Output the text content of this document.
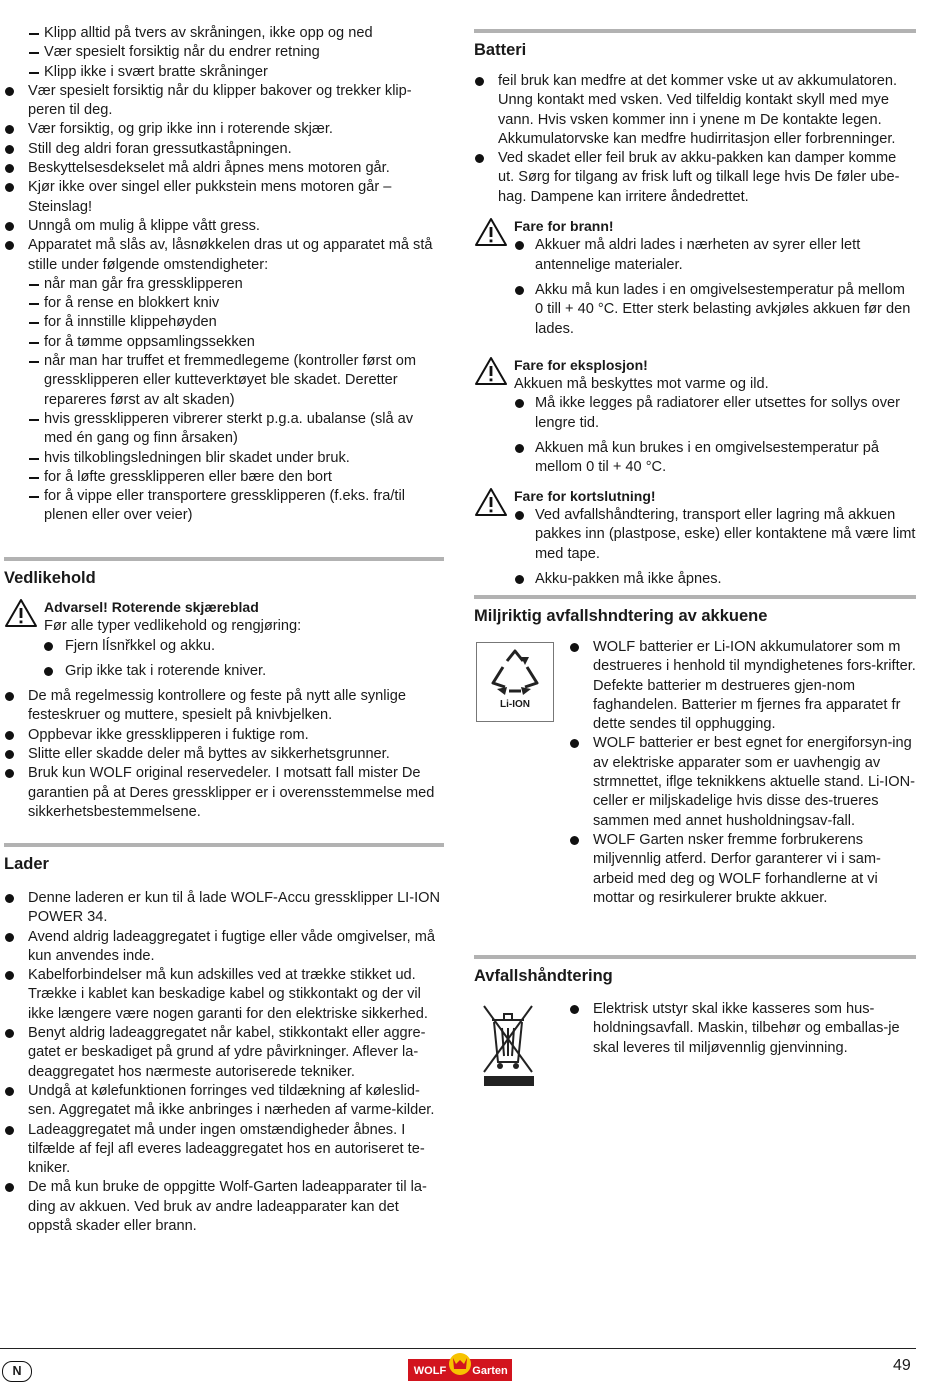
Klipp alltid på tvers av skråningen, ikke opp og ned
Vær spesielt forsiktig når du endrer retning
Klipp ikke i svært bratte skråninger
Vær spesielt forsiktig når du klipper bakover og trekker klip-peren til deg.
Vær forsiktig, og grip ikke inn i roterende skjær.
Still deg aldri foran gressutkaståpningen.
Beskyttelsesdekselet må aldri åpnes mens motoren går.
Kjør ikke over singel eller pukkstein mens motoren går – Steinslag!
Unngå om mulig å klippe vått gress.
Apparatet må slås av, låsnøkkelen dras ut og apparatet må stå stille under følgende omstendigheter:
når man går fra gressklipperen
for å rense en blokkert kniv
for å innstille klippehøyden
for å tømme oppsamlingssekken
når man har truffet et fremmedlegeme (kontroller først om gressklipperen eller kutteverktøyet ble skadet. Deretter repareres først av alt skaden)
hvis gressklipperen vibrerer sterkt p.g.a. ubalanse (slå av med én gang og finn årsaken)
hvis tilkoblingsledningen blir skadet under bruk.
for å løfte gressklipperen eller bære den bort
for å vippe eller transportere gressklipperen (f.eks. fra/til plenen eller over veier)
Vedlikehold
Advarsel! Roterende skjæreblad
Før alle typer vedlikehold og rengjøring:
Fjern lÍsnřkkel og akku.
Grip ikke tak i roterende kniver.
De må regelmessig kontrollere og feste på nytt alle synlige festeskruer og muttere, spesielt på knivbjelken.
Oppbevar ikke gressklipperen i fuktige rom.
Slitte eller skadde deler må byttes av sikkerhetsgrunner.
Bruk kun WOLF original reservedeler. I motsatt fall mister De garantien på at Deres gressklipper er i overensstemmelse med sikkerhetsbestemmelsene.
Lader
Denne laderen er kun til å lade WOLF-Accu gressklipper LI-ION POWER 34.
Avend aldrig ladeaggregatet i fugtige eller våde omgivelser, må kun anvendes inde.
Kabelforbindelser må kun adskilles ved at trække stikket ud. Trække i kablet kan beskadige kabel og stikkontakt og der vil ikke længere være nogen garanti for den elektriske sikkerhed.
Benyt aldrig ladeaggregatet når kabel, stikkontakt eller aggre-gatet er beskadiget på grund af ydre påvirkninger. Aflever la-deaggregatet hos nærmeste autoriserede tekniker.
Undgå at kølefunktionen forringes ved tildækning af køleslid-sen. Aggregatet må ikke anbringes i nærheden af varme-kilder.
Ladeaggregatet må under ingen omstændigheder åbnes. I tilfælde af fejl afl everes ladeaggregatet hos en autoriseret te-kniker.
De må kun bruke de oppgitte Wolf-Garten ladeapparater til la-ding av akkuen. Ved bruk av andre ladeapparater kan det oppstå skader eller brann.
Batteri
feil bruk kan medfre at det kommer vske ut av akkumulatoren. Unng kontakt med vsken. Ved tilfeldig kontakt skyll med mye vann. Hvis vsken kommer inn i ynene m De kontakte legen. Akkumulatorvske kan medfre hudirritasjon eller forbrenninger.
Ved skadet eller feil bruk av akku-pakken kan damper komme ut. Sørg for tilgang av frisk luft og tilkall lege hvis De føler ube-hag. Dampene kan irritere åndedrettet.
Fare for brann!
Akkuer må aldri lades i nærheten av syrer eller lett antennelige materialer.
Akku må kun lades i en omgivelsestemperatur på mellom 0 till + 40 °C. Etter sterk belasting avkjøles akkuen før den lades.
Fare for eksplosjon!
Akkuen må beskyttes mot varme og ild.
Må ikke legges på radiatorer eller utsettes for sollys over lengre tid.
Akkuen må kun brukes i en omgivelsestemperatur på mellom 0 til + 40 °C.
Fare for kortslutning!
Ved avfallshåndtering, transport eller lagring må akkuen pakkes inn (plastpose, eske) eller kontaktene må være limt med tape.
Akku-pakken må ikke åpnes.
Miljriktig avfallshndtering av akkuene
Li-ION
WOLF batterier er Li-ION akkumulatorer som m destrueres i henhold til myndighetenes fors-krifter. Defekte batterier m destrueres gjen-nom faghandelen. Batterier m fjernes fra apparatet fr dette sendes til opphugging.
WOLF batterier er best egnet for energiforsyn-ing av elektriske apparater som er uavhengig av strmnettet, iflge teknikkens aktuelle stand. Li-ION-celler er miljskadelige hvis disse des-trueres sammen med annet husholdningsav-fall.
WOLF Garten nsker fremme forbrukerens miljvennlig atferd. Derfor garanterer vi i sam-arbeid med deg og WOLF forhandlerne at vi mottar og resirkulerer brukte akkuer.
Avfallshåndtering
Elektrisk utstyr skal ikke kasseres som hus-holdningsavfall. Maskin, tilbehør og emballas-je skal leveres til miljøvennlig gjenvinning.
N	WOLF	Garten	49
